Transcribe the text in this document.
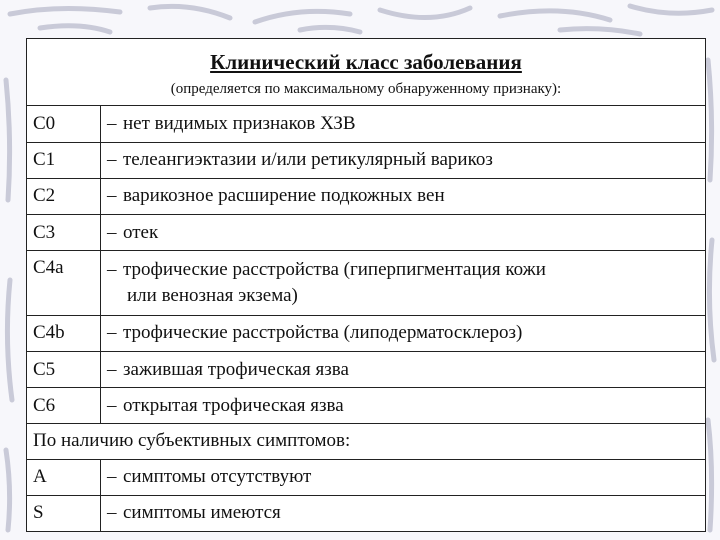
Клинический класс заболевания
(определяется по максимальному обнаруженному признаку):	

C0	– нет видимых признаков ХЗВ
C1	– телеангиэктазии и/или ретикулярный варикоз
C2	– варикозное расширение подкожных вен
C3	– отек
C4a	– трофические расстройства (гиперпигментация кожи
или венозная экзема)

C4b	– трофические расстройства (липодерматосклероз)
C5	– зажившая трофическая язва
C6	– открытая трофическая язва
По наличию субъективных симптомов:	
A	– симптомы отсутствуют
S	– симптомы имеются
